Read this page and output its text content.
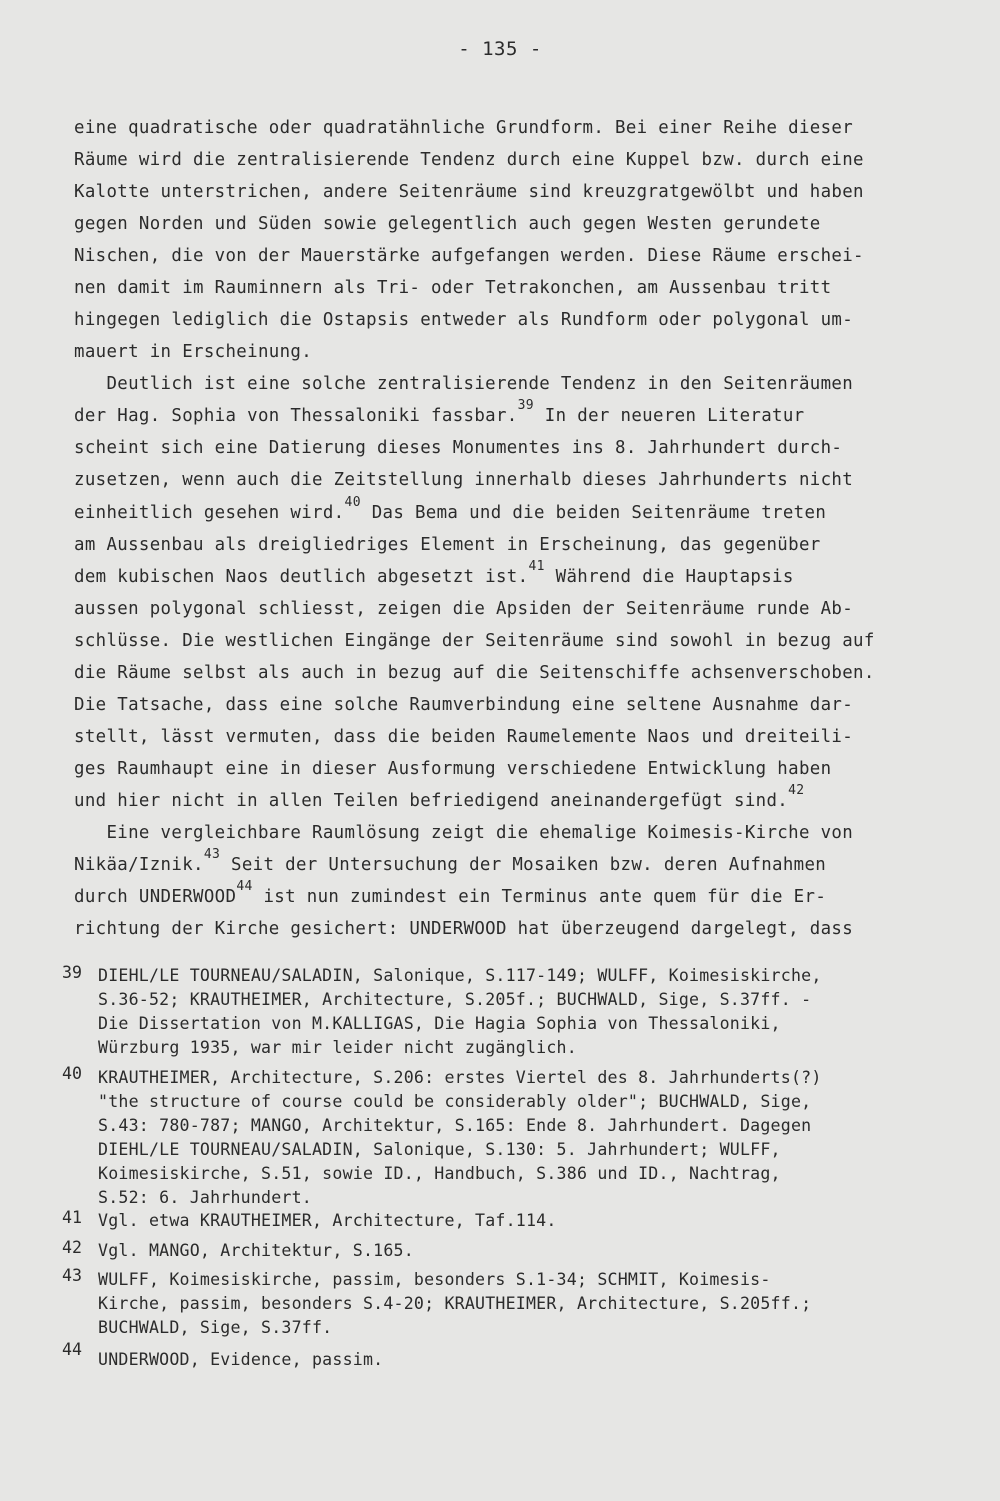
- 135 -
eine quadratische oder quadratähnliche Grundform. Bei einer Reihe dieser
Räume wird die zentralisierende Tendenz durch eine Kuppel bzw. durch eine
Kalotte unterstrichen, andere Seitenräume sind kreuzgratgewölbt und haben
gegen Norden und Süden sowie gelegentlich auch gegen Westen gerundete
Nischen, die von der Mauerstärke aufgefangen werden. Diese Räume erschei-
nen damit im Rauminnern als Tri- oder Tetrakonchen, am Aussenbau tritt
hingegen lediglich die Ostapsis entweder als Rundform oder polygonal um-
mauert in Erscheinung.
Deutlich ist eine solche zentralisierende Tendenz in den Seitenräumen
der Hag. Sophia von Thessaloniki fassbar.$^{39}$ In der neueren Literatur
scheint sich eine Datierung dieses Monumentes ins 8. Jahrhundert durch-
zusetzen, wenn auch die Zeitstellung innerhalb dieses Jahrhunderts nicht
einheitlich gesehen wird.$^{40}$ Das Bema und die beiden Seitenräume treten
am Aussenbau als dreigliedriges Element in Erscheinung, das gegenüber
dem kubischen Naos deutlich abgesetzt ist.$^{41}$ Während die Hauptapsis
aussen polygonal schliesst, zeigen die Apsiden der Seitenräume runde Ab-
schlüsse. Die westlichen Eingänge der Seitenräume sind sowohl in bezug auf
die Räume selbst als auch in bezug auf die Seitenschiffe achsenverschoben.
Die Tatsache, dass eine solche Raumverbindung eine seltene Ausnahme dar-
stellt, lässt vermuten, dass die beiden Raumelemente Naos und dreiteili-
ges Raumhaupt eine in dieser Ausformung verschiedene Entwicklung haben
und hier nicht in allen Teilen befriedigend aneinandergefügt sind.$^{42}$
Eine vergleichbare Raumlösung zeigt die ehemalige Koimesis-Kirche von
Nikäa/Iznik.$^{43}$ Seit der Untersuchung der Mosaiken bzw. deren Aufnahmen
durch UNDERWOOD$^{44}$ ist nun zumindest ein Terminus ante quem für die Er-
richtung der Kirche gesichert: UNDERWOOD hat überzeugend dargelegt, dass
39 DIEHL/LE TOURNEAU/SALADIN, Salonique, S.117-149; WULFF, Koimesiskirche,
S.36-52; KRAUTHEIMER, Architecture, S.205f.; BUCHWALD, Sige, S.37ff. -
Die Dissertation von M.KALLIGAS, Die Hagia Sophia von Thessaloniki,
Würzburg 1935, war mir leider nicht zugänglich.
40 KRAUTHEIMER, Architecture, S.206: erstes Viertel des 8. Jahrhunderts(?)
"the structure of course could be considerably older"; BUCHWALD, Sige,
S.43: 780-787; MANGO, Architektur, S.165: Ende 8. Jahrhundert. Dagegen
DIEHL/LE TOURNEAU/SALADIN, Salonique, S.130: 5. Jahrhundert; WULFF,
Koimesiskirche, S.51, sowie ID., Handbuch, S.386 und ID., Nachtrag,
S.52: 6. Jahrhundert.
41 Vgl. etwa KRAUTHEIMER, Architecture, Taf.114.
42 Vgl. MANGO, Architektur, S.165.
43 WULFF, Koimesiskirche, passim, besonders S.1-34; SCHMIT, Koimesis-
Kirche, passim, besonders S.4-20; KRAUTHEIMER, Architecture, S.205ff.;
BUCHWALD, Sige, S.37ff.
44
UNDERWOOD, Evidence, passim.
